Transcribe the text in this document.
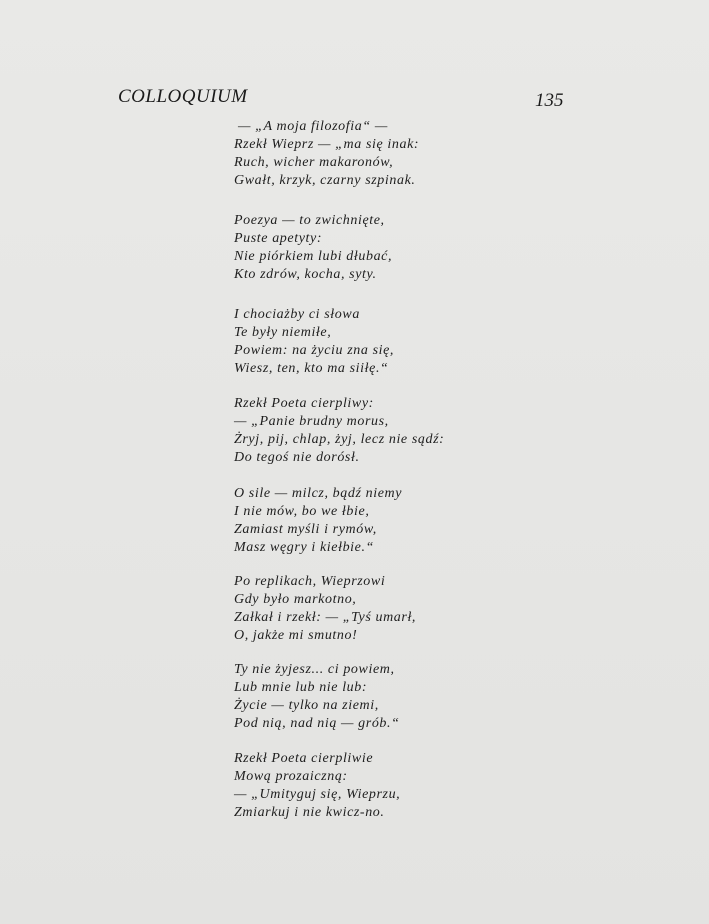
COLLOQUIUM	135
— „A moja filozofia“ —
Rzekł Wieprz — „ma się inak:
Ruch, wicher makaronów,
Gwałt, krzyk, czarny szpinak.
Poezya — to zwichnięte,
Puste apetyty:
Nie piórkiem lubi dłubać,
Kto zdrów, kocha, syty.
I chociażby ci słowa
Te były niemiłe,
Powiem: na życiu zna się,
Wiesz, ten, kto ma siiłę.“
Rzekł Poeta cierpliwy:
— „Panie brudny morus,
Żryj, pij, chlap, żyj, lecz nie sądź:
Do tegoś nie dorósł.
O sile — milcz, bądź niemy
I nie mów, bo we łbie,
Zamiast myśli i rymów,
Masz węgry i kiełbie.“
Po replikach, Wieprzowi
Gdy było markotno,
Załkał i rzekł: — „Tyś umarł,
O, jakże mi smutno!
Ty nie żyjesz... ci powiem,
Lub mnie lub nie lub:
Życie — tylko na ziemi,
Pod nią, nad nią — grób.“
Rzekł Poeta cierpliwie
Mową prozaiczną:
— „Umityguj się, Wieprzu,
Zmiarkuj i nie kwicz-no.
